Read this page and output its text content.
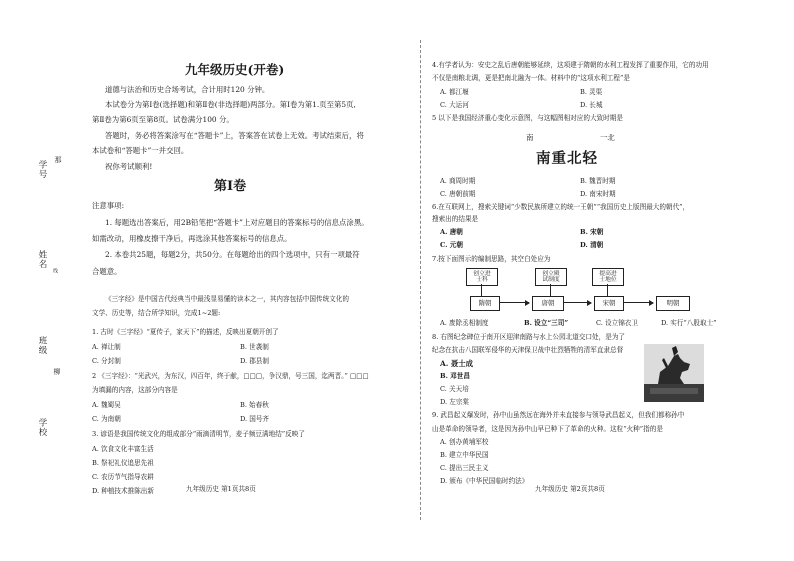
学号 那
姓名
线
班级
柳
学校
九年级历史(开卷)
道德与法治和历史合场考试，合计用时120 分钟。
本试卷分为第Ⅰ卷(选择题)和第Ⅱ卷(非选择题)两部分。第Ⅰ卷为第1.页至第5页,
第Ⅱ卷为第6页至第8页。试卷满分100 分。
答题时，务必将答案涂写在“答题卡”上，答案答在试卷上无效。考试结束后，将
本试卷和“答题卡”一并交回。
祝你考试顺利!
第Ⅰ卷
注意事项:
1. 每题选出答案后，用2B铅笔把“答题卡”上对应题目的答案标号的信息点涂黑。
如需改动，用橡皮擦干净后，再选涂其他答案标号的信息点。
2. 本卷共25题，每题2分，共50分。在每题给出的四个选项中，只有一项最符
合题意。
《三字经》是中国古代经典当中最浅显易懂的读本之一，其内容包括中国传统文化的
文学、历史等，结合所学知识，完成1~2题:
1. 古时《三字经》“夏传子，家天下”的描述，反映出夏朝开创了
A. 禅让制	B. 世袭制
C. 分封制	D. 郡县制
2 《三字经》：“光武兴，为东汉，四百年，终于献，□□□，争汉鼎，号三国，迄两晋。” □□□
为填漏的内容，这部分内容是
A. 魏蜀吴	B. 始春秋
C. 为南朝	D. 国号齐
3. 谚语是我国传统文化的组成部分“雨滴清明节，麦子频豆满地结”反映了
A. 饮食文化丰富生活
B. 祭祀礼仪追思先祖
C. 农历节气指导农耕
D. 种植技术推陈出新	九年级历史 第1页共8页
4.有学者认为：安史之乱后唐朝能够延续，这项建于隋朝的水利工程发挥了重要作用，它的功用
不仅是南粮北调，更是把南北融为一体。材料中的“这项水利工程”是
A. 都江堰	B. 灵渠
C. 大运河	D. 长城
5 以下是我国经济重心变化示意图，与这幅图相对应的大致时期是
南	一北
南重北轻
A. 商周时期	B. 魏晋时期
C. 唐朝前期	D. 南宋时期
6.在互联网上，搜索关键词“少数民族所建立的统一王朝”“我国历史上版图最大的朝代”，
搜索出的结果是
A. 唐朝	B. 宋朝
C. 元朝	D. 清朝
7.按下面图示的编制思路，其空白处应为
创立进
士科
创立殿
试制度
提高进
士地位
隋朝	唐朝	宋朝	明朝
A. 废除丞相制度	B. 设立“三司”	C. 设立锦衣卫	D. 实行“八股取士”
8. 右图纪念碑位于南开区迎津南路与水上公园北道交口处，是为了
纪念在抗击八国联军侵华的天津保卫战中壮烈牺牲的清军直隶总督
A. 聂士成
B. 邓世昌
C. 关天培
D. 左宗棠
9. 武昌起义爆发时，孙中山虽然远在海外并未直接参与领导武昌起义，但我们都称孙中
山是革命的领导者，这是因为孙中山早已种下了革命的火种。这粒“火种”指的是
A. 创办黄埔军校
B. 建立中华民国
C. 提出三民主义
D. 颁布《中华民国临时约法》
九年级历史 第2页共8页
